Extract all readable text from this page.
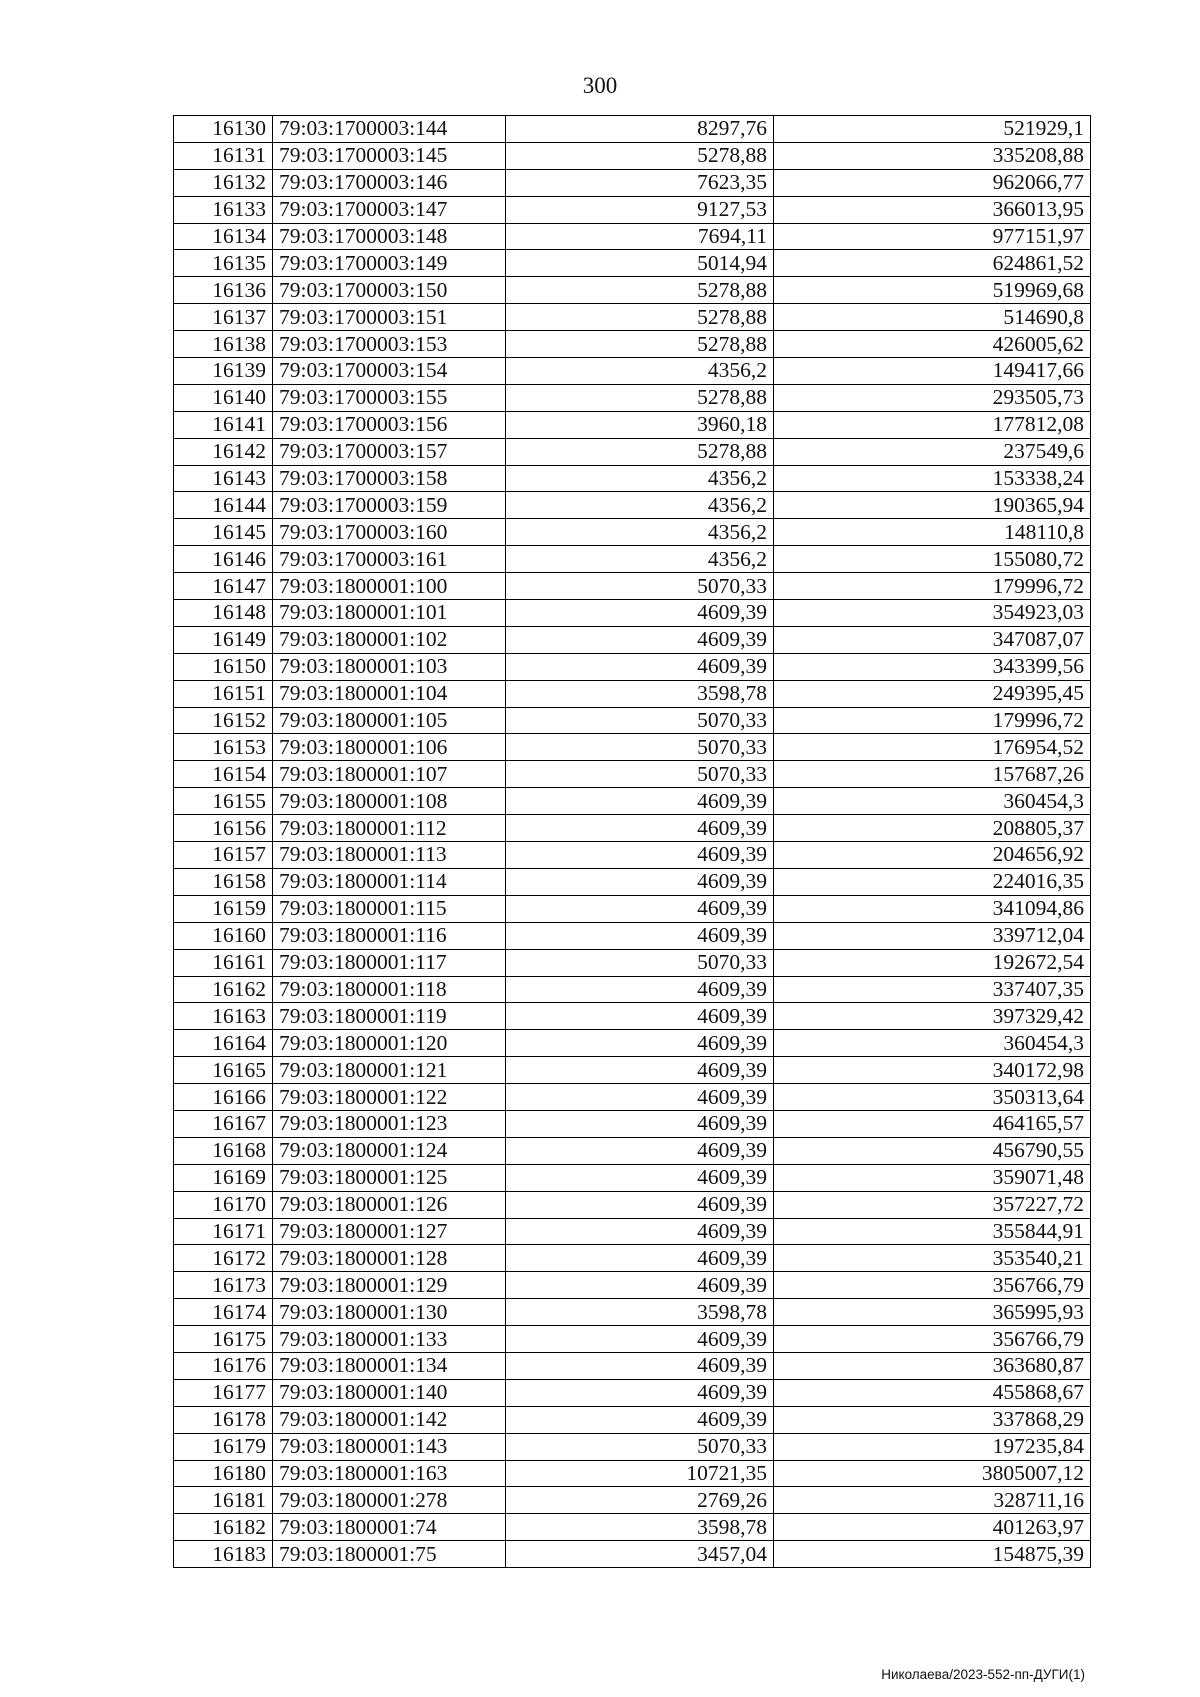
300
16130	79:03:1700003:144	8297,76	521929,1
16131	79:03:1700003:145	5278,88	335208,88
16132	79:03:1700003:146	7623,35	962066,77
16133	79:03:1700003:147	9127,53	366013,95
16134	79:03:1700003:148	7694,11	977151,97
16135	79:03:1700003:149	5014,94	624861,52
16136	79:03:1700003:150	5278,88	519969,68
16137	79:03:1700003:151	5278,88	514690,8
16138	79:03:1700003:153	5278,88	426005,62
16139	79:03:1700003:154	4356,2	149417,66
16140	79:03:1700003:155	5278,88	293505,73
16141	79:03:1700003:156	3960,18	177812,08
16142	79:03:1700003:157	5278,88	237549,6
16143	79:03:1700003:158	4356,2	153338,24
16144	79:03:1700003:159	4356,2	190365,94
16145	79:03:1700003:160	4356,2	148110,8
16146	79:03:1700003:161	4356,2	155080,72
16147	79:03:1800001:100	5070,33	179996,72
16148	79:03:1800001:101	4609,39	354923,03
16149	79:03:1800001:102	4609,39	347087,07
16150	79:03:1800001:103	4609,39	343399,56
16151	79:03:1800001:104	3598,78	249395,45
16152	79:03:1800001:105	5070,33	179996,72
16153	79:03:1800001:106	5070,33	176954,52
16154	79:03:1800001:107	5070,33	157687,26
16155	79:03:1800001:108	4609,39	360454,3
16156	79:03:1800001:112	4609,39	208805,37
16157	79:03:1800001:113	4609,39	204656,92
16158	79:03:1800001:114	4609,39	224016,35
16159	79:03:1800001:115	4609,39	341094,86
16160	79:03:1800001:116	4609,39	339712,04
16161	79:03:1800001:117	5070,33	192672,54
16162	79:03:1800001:118	4609,39	337407,35
16163	79:03:1800001:119	4609,39	397329,42
16164	79:03:1800001:120	4609,39	360454,3
16165	79:03:1800001:121	4609,39	340172,98
16166	79:03:1800001:122	4609,39	350313,64
16167	79:03:1800001:123	4609,39	464165,57
16168	79:03:1800001:124	4609,39	456790,55
16169	79:03:1800001:125	4609,39	359071,48
16170	79:03:1800001:126	4609,39	357227,72
16171	79:03:1800001:127	4609,39	355844,91
16172	79:03:1800001:128	4609,39	353540,21
16173	79:03:1800001:129	4609,39	356766,79
16174	79:03:1800001:130	3598,78	365995,93
16175	79:03:1800001:133	4609,39	356766,79
16176	79:03:1800001:134	4609,39	363680,87
16177	79:03:1800001:140	4609,39	455868,67
16178	79:03:1800001:142	4609,39	337868,29
16179	79:03:1800001:143	5070,33	197235,84
16180	79:03:1800001:163	10721,35	3805007,12
16181	79:03:1800001:278	2769,26	328711,16
16182	79:03:1800001:74	3598,78	401263,97
16183	79:03:1800001:75	3457,04	154875,39
Николаева/2023-552-пп-ДУГИ(1)
